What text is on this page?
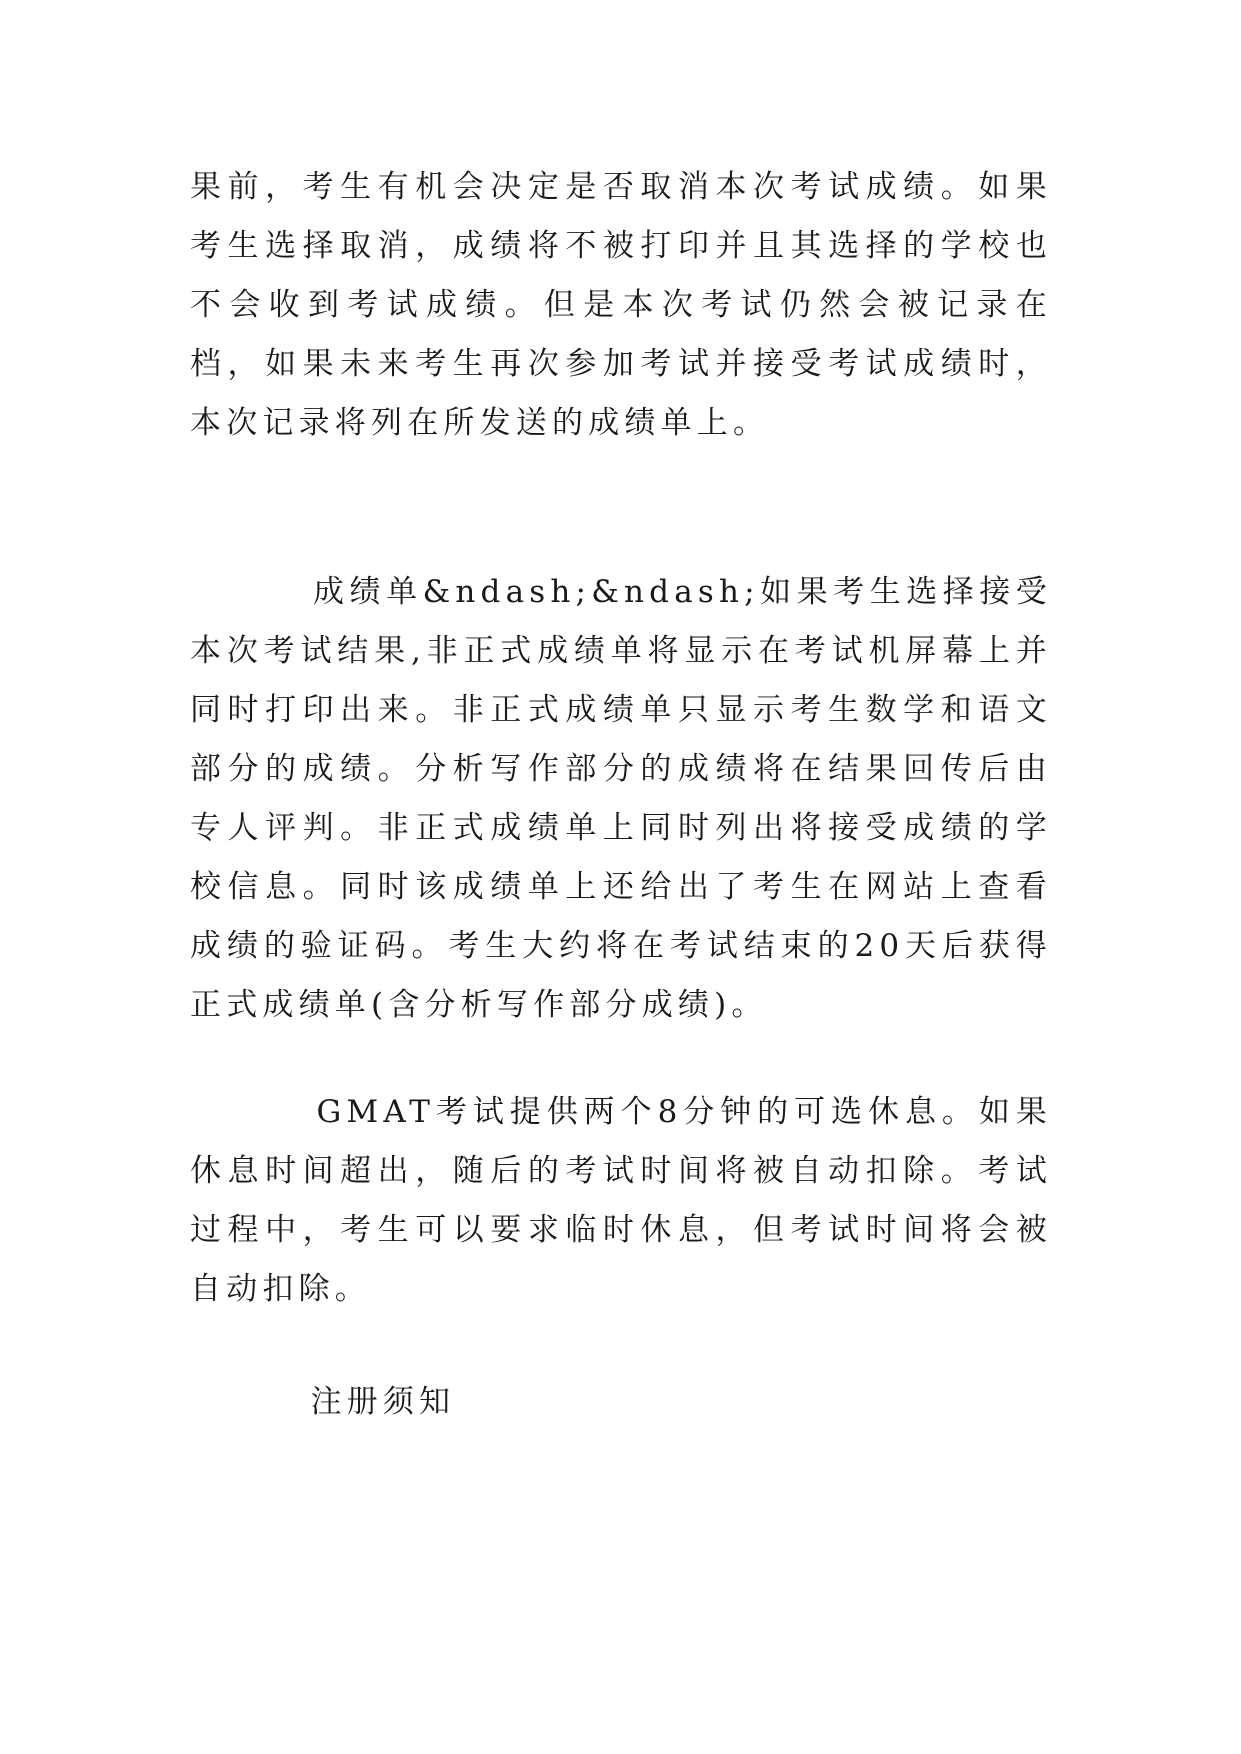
果前，考生有机会决定是否取消本次考试成绩。如果考生选择取消，成绩将不被打印并且其选择的学校也不会收到考试成绩。但是本次考试仍然会被记录在档，如果未来考生再次参加考试并接受考试成绩时，本次记录将列在所发送的成绩单上。

成绩单&ndash;&ndash;如果考生选择接受本次考试结果,非正式成绩单将显示在考试机屏幕上并同时打印出来。非正式成绩单只显示考生数学和语文部分的成绩。分析写作部分的成绩将在结果回传后由专人评判。非正式成绩单上同时列出将接受成绩的学校信息。同时该成绩单上还给出了考生在网站上查看成绩的验证码。考生大约将在考试结束的20天后获得正式成绩单(含分析写作部分成绩)。

GMAT考试提供两个8分钟的可选休息。如果休息时间超出，随后的考试时间将被自动扣除。考试过程中，考生可以要求临时休息，但考试时间将会被自动扣除。

注册须知
